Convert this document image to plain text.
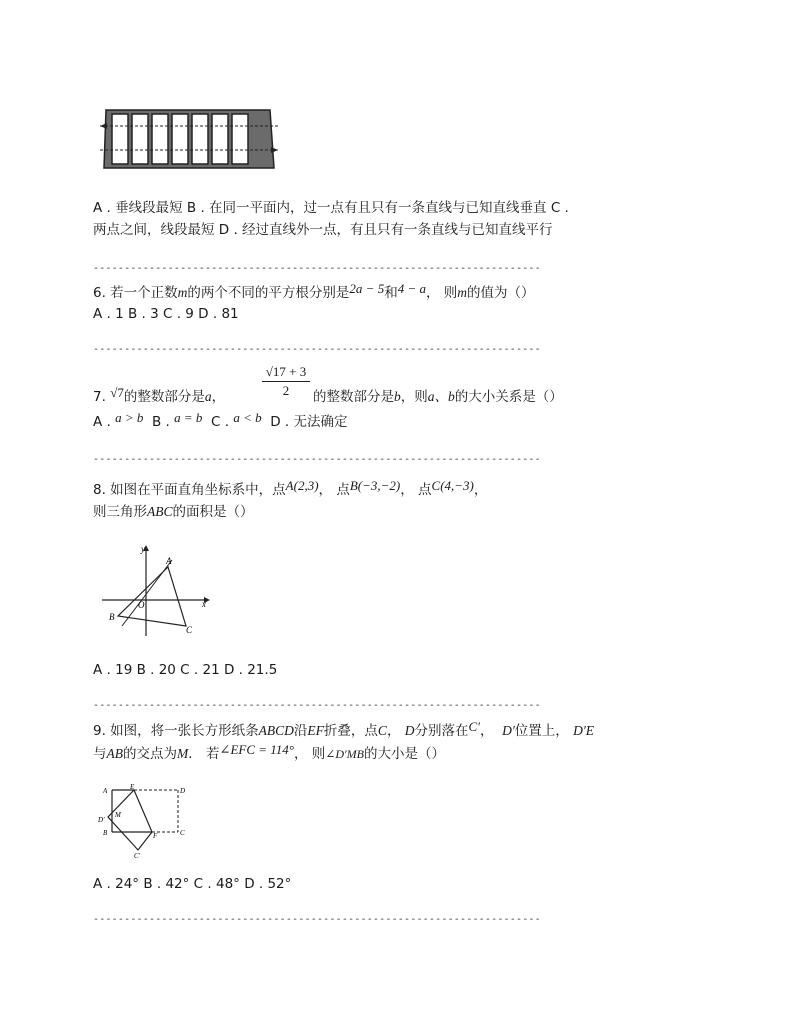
A . 垂线段最短 B . 在同一平面内，过一点有且只有一条直线与已知直线垂直 C .
两点之间，线段最短 D . 经过直线外一点，有且只有一条直线与已知直线平行
------------------------------------------------------------------------
6. 若一个正数m的两个不同的平方根分别是2a − 5和4 − a， 则m的值为（）
A . 1 B . 3 C . 9 D . 81
------------------------------------------------------------------------
7. √7的整数部分是a，
√17 + 3
2	的整数部分是b，则a、b的大小关系是（）
A . a > b B . a = b C . a < b D . 无法确定
------------------------------------------------------------------------
8. 如图在平面直角坐标系中，点A(2,3)， 点B(−3,−2)， 点C(4,−3)，
则三角形ABC的面积是（）
A
B
C
O	x
y
A . 19 B . 20 C . 21 D . 21.5
------------------------------------------------------------------------
9. 如图，将一张长方形纸条ABCD沿EF折叠，点C， D分别落在C′， D′位置上， D′E
与AB的交点为M． 若∠EFC = 114°， 则∠D′MB的大小是（）
A	E	D
C
B	F
M
D′
C′
A . 24° B . 42° C . 48° D . 52°
------------------------------------------------------------------------
